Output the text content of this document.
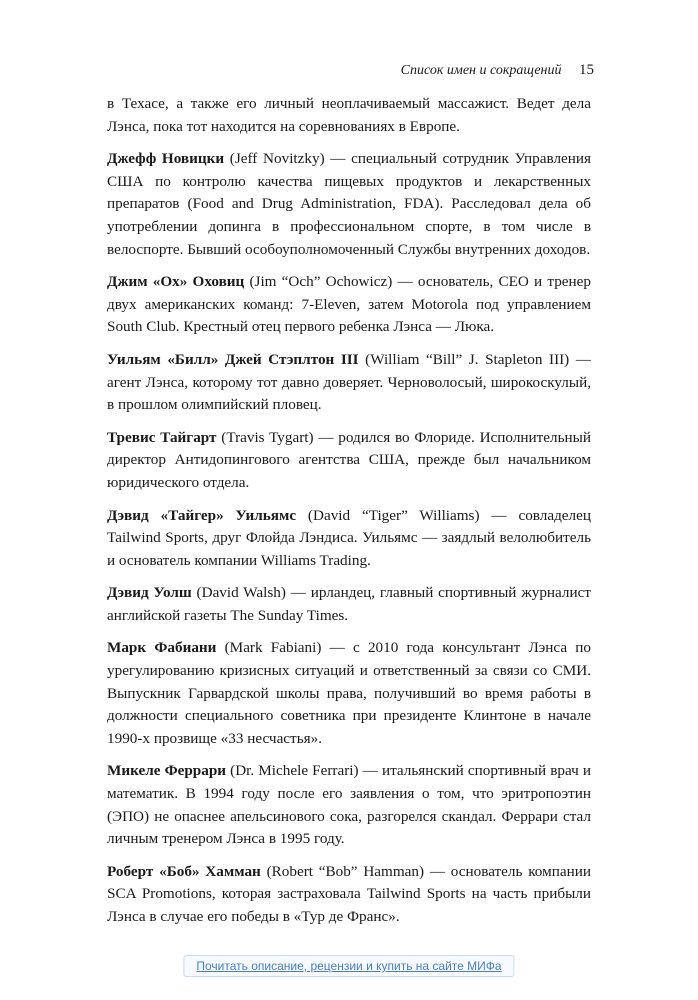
Список имен и сокращений 15

в Техасе, а также его личный неоплачиваемый массажист. Ведет дела Лэнса, пока тот находится на соревнованиях в Европе.

Джефф Новицки (Jeff Novitzky) — специальный сотрудник Управления США по контролю качества пищевых продуктов и лекарственных препаратов (Food and Drug Administration, FDA). Расследовал дела об употреблении допинга в профессиональном спорте, в том числе в велоспорте. Бывший особоуполномоченный Службы внутренних доходов.

Джим «Ох» Оховиц (Jim “Och” Ochowicz) — основатель, CEO и тренер двух американских команд: 7-Eleven, затем Motorola под управлением South Club. Крестный отец первого ребенка Лэнса — Люка.

Уильям «Билл» Джей Стэплтон III (William “Bill” J. Stapleton III) — агент Лэнса, которому тот давно доверяет. Черноволосый, широкоскулый, в прошлом олимпийский пловец.

Тревис Тайгарт (Travis Tygart) — родился во Флориде. Исполнительный директор Антидопингового агентства США, прежде был начальником юридического отдела.

Дэвид «Тайгер» Уильямс (David “Tiger” Williams) — совладелец Tailwind Sports, друг Флойда Лэндиса. Уильямс — заядлый велолюбитель и основатель компании Williams Trading.

Дэвид Уолш (David Walsh) — ирландец, главный спортивный журналист английской газеты The Sunday Times.

Марк Фабиани (Mark Fabiani) — с 2010 года консультант Лэнса по урегулированию кризисных ситуаций и ответственный за связи со СМИ. Выпускник Гарвардской школы права, получивший во время работы в должности специального советника при президенте Клинтоне в начале 1990-х прозвище «33 несчастья».

Микеле Феррари (Dr. Michele Ferrari) — итальянский спортивный врач и математик. В 1994 году после его заявления о том, что эритропоэтин (ЭПО) не опаснее апельсинового сока, разгорелся скандал. Феррари стал личным тренером Лэнса в 1995 году.

Роберт «Боб» Хамман (Robert “Bob” Hamman) — основатель компании SCA Promotions, которая застраховала Tailwind Sports на часть прибыли Лэнса в случае его победы в «Тур де Франс».

Почитать описание, рецензии и купить на сайте МИФа
